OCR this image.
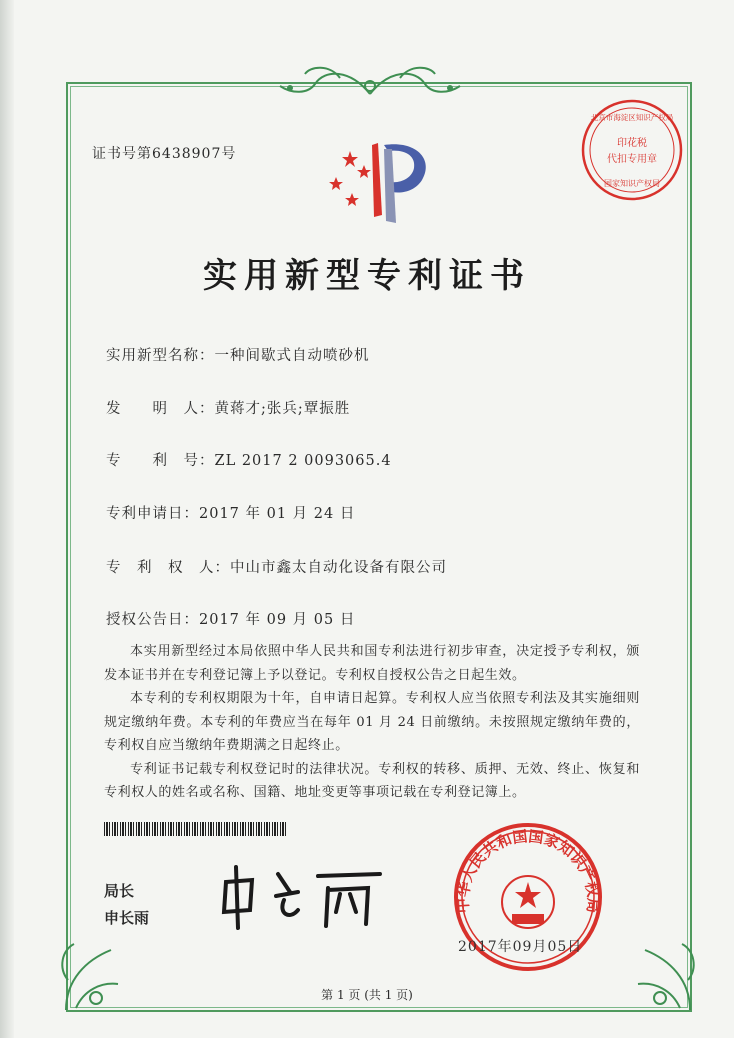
证书号第6438907号
北京市海淀区知识产权局
印花税
代扣专用章
国家知识产权局
实用新型专利证书
实用新型名称：一种间歇式自动喷砂机
发　　明　人：黄蒋才;张兵;覃振胜
专　　利　号：ZL 2017 2 0093065.4
专利申请日：2017 年 01 月 24 日
专　利　权　人：中山市鑫太自动化设备有限公司
授权公告日：2017 年 09 月 05 日

本实用新型经过本局依照中华人民共和国专利法进行初步审查，决定授予专利权，颁发本证书并在专利登记簿上予以登记。专利权自授权公告之日起生效。

本专利的专利权期限为十年，自申请日起算。专利权人应当依照专利法及其实施细则规定缴纳年费。本专利的年费应当在每年 01 月 24 日前缴纳。未按照规定缴纳年费的，专利权自应当缴纳年费期满之日起终止。

专利证书记载专利权登记时的法律状况。专利权的转移、质押、无效、终止、恢复和专利权人的姓名或名称、国籍、地址变更等事项记载在专利登记簿上。

局长
申长雨
中华人民共和国国家知识产权局
2017年09月05日
第 1 页 (共 1 页)
